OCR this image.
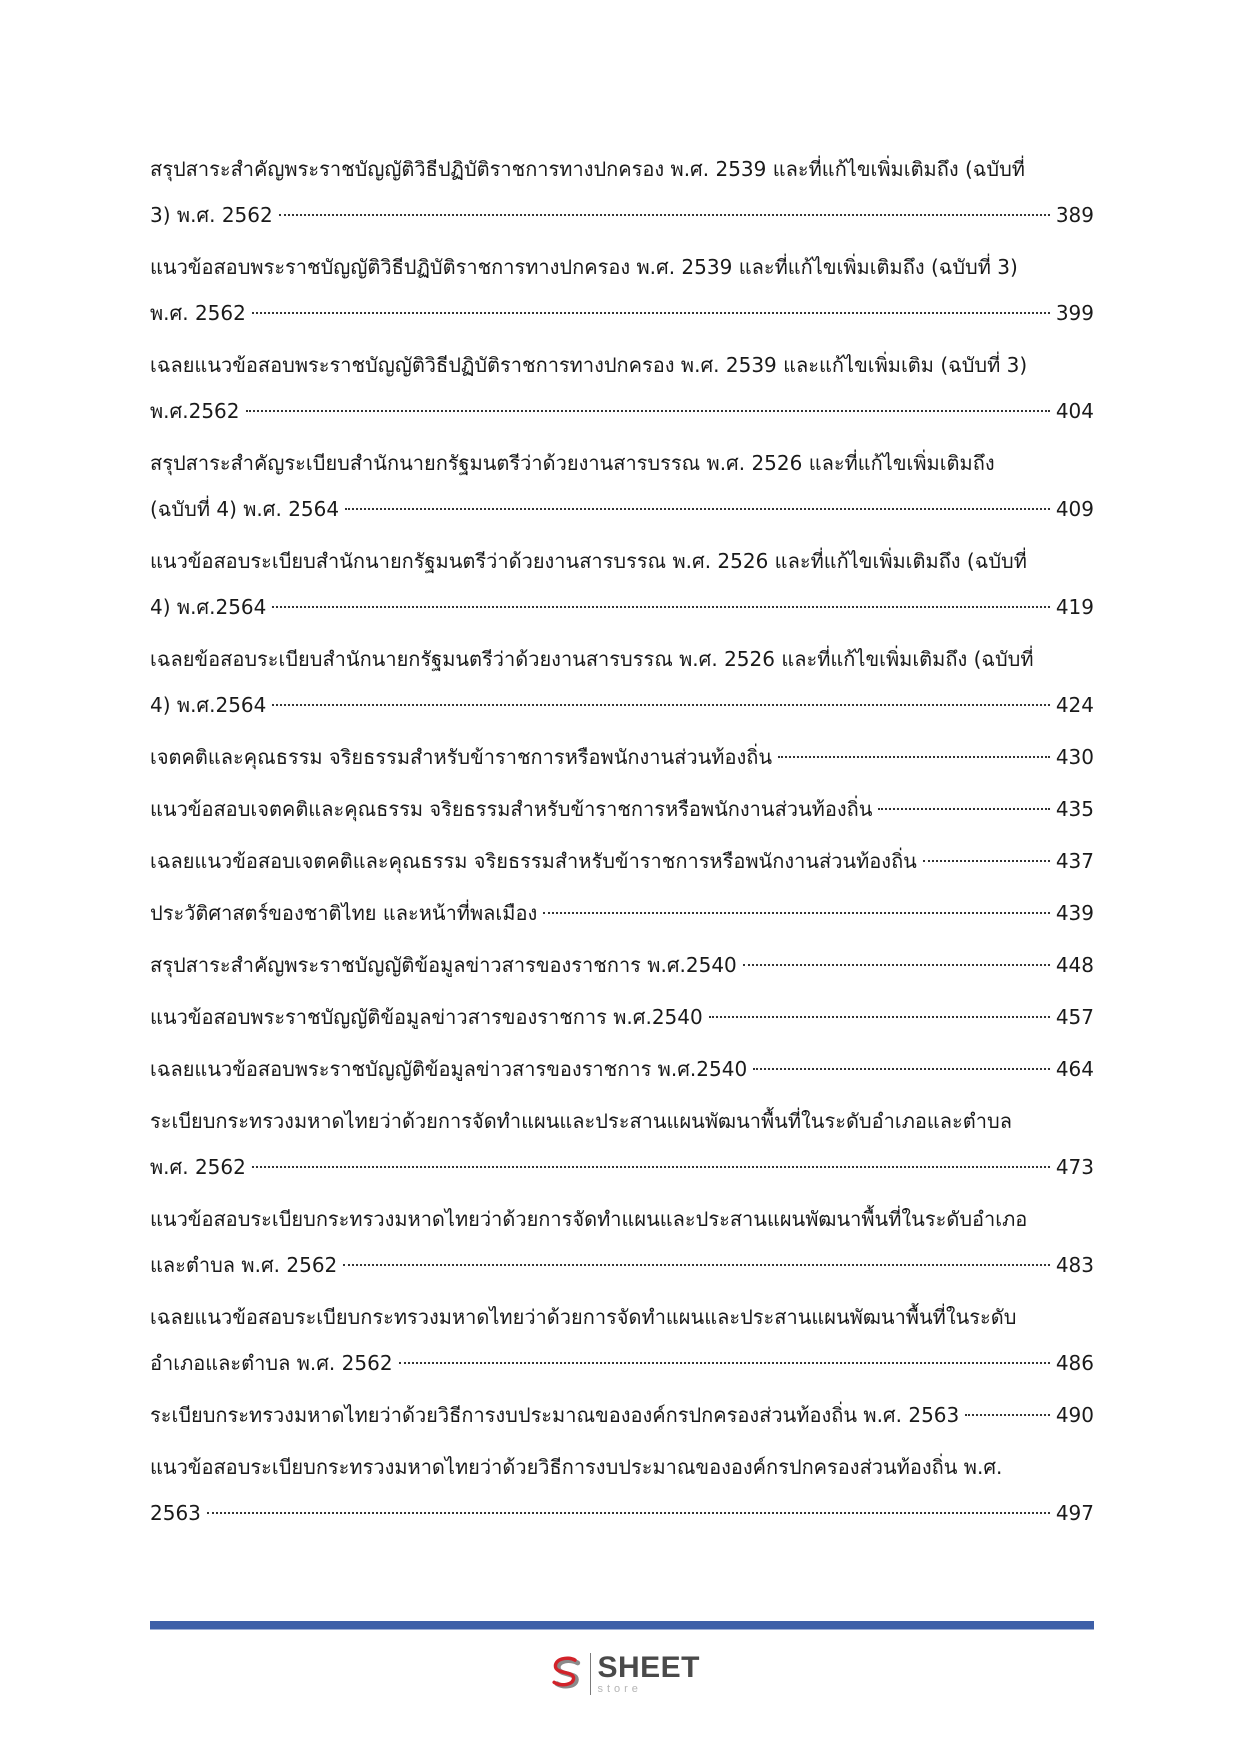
สรุปสาระสำคัญพระราชบัญญัติวิธีปฏิบัติราชการทางปกครอง พ.ศ. 2539 และที่แก้ไขเพิ่มเติมถึง (ฉบับที่
3) พ.ศ. 2562	389
แนวข้อสอบพระราชบัญญัติวิธีปฏิบัติราชการทางปกครอง พ.ศ. 2539 และที่แก้ไขเพิ่มเติมถึง (ฉบับที่ 3)
พ.ศ. 2562	399
เฉลยแนวข้อสอบพระราชบัญญัติวิธีปฏิบัติราชการทางปกครอง พ.ศ. 2539 และแก้ไขเพิ่มเติม (ฉบับที่ 3)
พ.ศ.2562	404
สรุปสาระสำคัญระเบียบสำนักนายกรัฐมนตรีว่าด้วยงานสารบรรณ พ.ศ. 2526 และที่แก้ไขเพิ่มเติมถึง
(ฉบับที่ 4) พ.ศ. 2564	409
แนวข้อสอบระเบียบสำนักนายกรัฐมนตรีว่าด้วยงานสารบรรณ พ.ศ. 2526 และที่แก้ไขเพิ่มเติมถึง (ฉบับที่
4) พ.ศ.2564	419
เฉลยข้อสอบระเบียบสำนักนายกรัฐมนตรีว่าด้วยงานสารบรรณ พ.ศ. 2526 และที่แก้ไขเพิ่มเติมถึง (ฉบับที่
4) พ.ศ.2564	424
เจตคติและคุณธรรม จริยธรรมสำหรับข้าราชการหรือพนักงานส่วนท้องถิ่น	430
แนวข้อสอบเจตคติและคุณธรรม จริยธรรมสำหรับข้าราชการหรือพนักงานส่วนท้องถิ่น	435
เฉลยแนวข้อสอบเจตคติและคุณธรรม จริยธรรมสำหรับข้าราชการหรือพนักงานส่วนท้องถิ่น	437
ประวัติศาสตร์ของชาติไทย และหน้าที่พลเมือง	439
สรุปสาระสำคัญพระราชบัญญัติข้อมูลข่าวสารของราชการ พ.ศ.2540	448
แนวข้อสอบพระราชบัญญัติข้อมูลข่าวสารของราชการ พ.ศ.2540	457
เฉลยแนวข้อสอบพระราชบัญญัติข้อมูลข่าวสารของราชการ พ.ศ.2540	464
ระเบียบกระทรวงมหาดไทยว่าด้วยการจัดทำแผนและประสานแผนพัฒนาพื้นที่ในระดับอำเภอและตำบล
พ.ศ. 2562	473
แนวข้อสอบระเบียบกระทรวงมหาดไทยว่าด้วยการจัดทำแผนและประสานแผนพัฒนาพื้นที่ในระดับอำเภอ
และตำบล พ.ศ. 2562	483
เฉลยแนวข้อสอบระเบียบกระทรวงมหาดไทยว่าด้วยการจัดทำแผนและประสานแผนพัฒนาพื้นที่ในระดับ
อำเภอและตำบล พ.ศ. 2562	486
ระเบียบกระทรวงมหาดไทยว่าด้วยวิธีการงบประมาณขององค์กรปกครองส่วนท้องถิ่น พ.ศ. 2563	490
แนวข้อสอบระเบียบกระทรวงมหาดไทยว่าด้วยวิธีการงบประมาณขององค์กรปกครองส่วนท้องถิ่น พ.ศ.
2563	497
SHEET
store
